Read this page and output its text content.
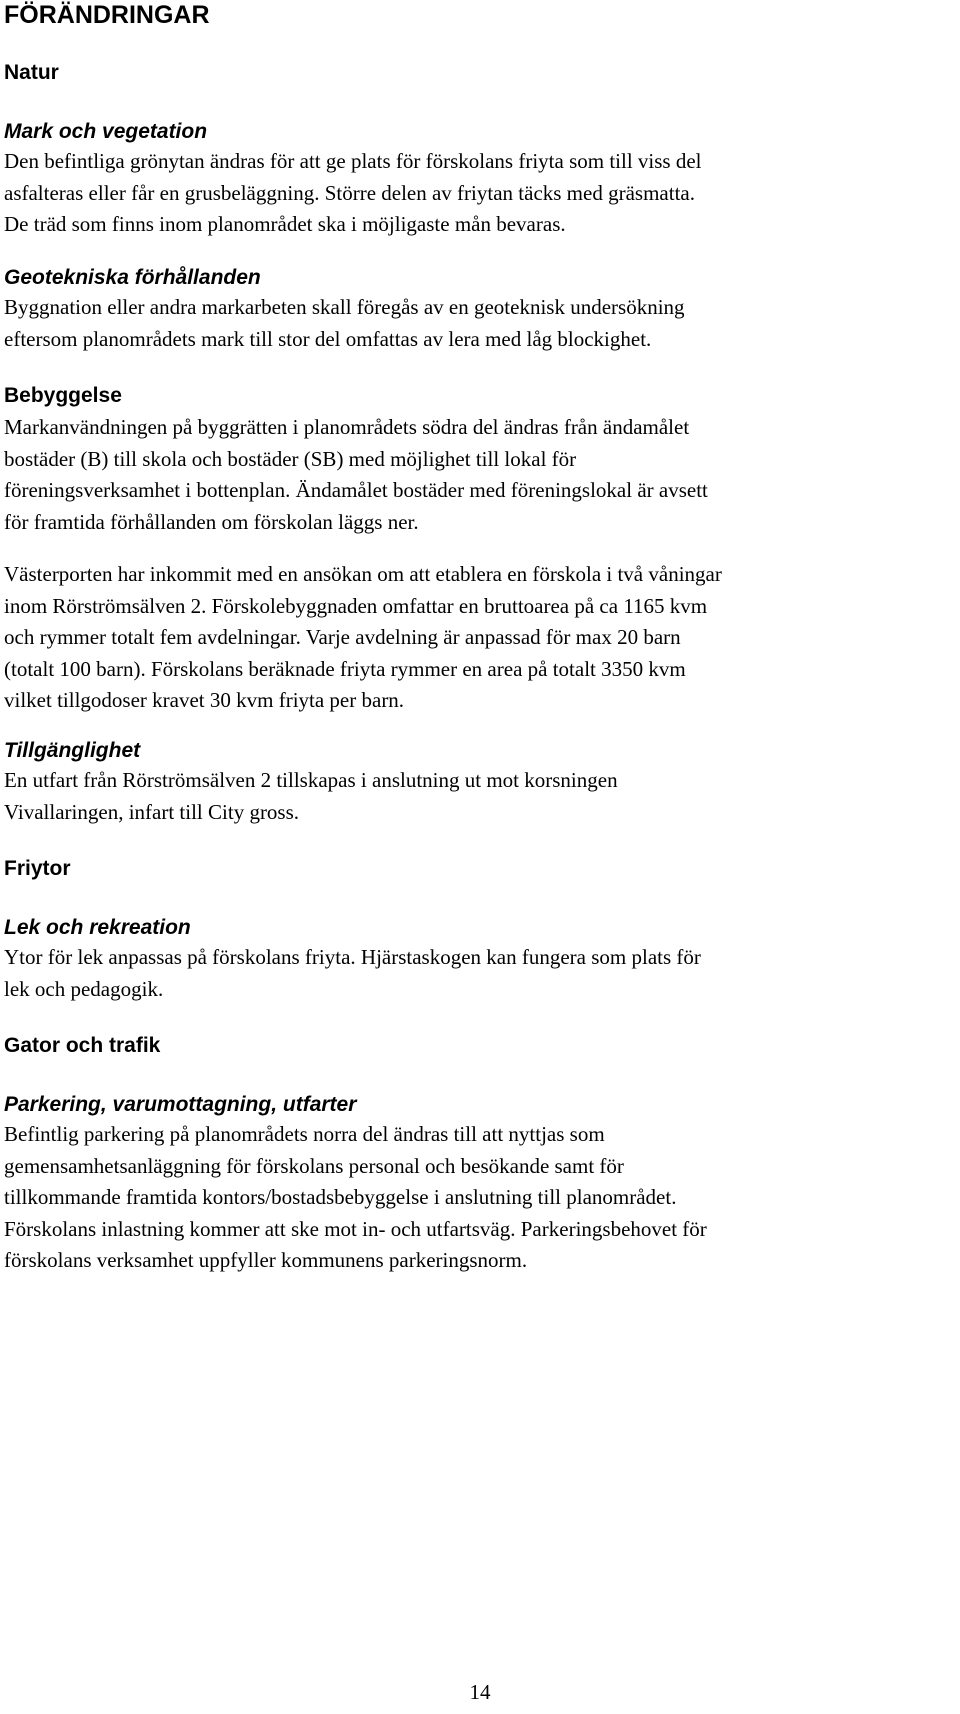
FÖRÄNDRINGAR
Natur
Mark och vegetation

Den befintliga grönytan ändras för att ge plats för förskolans friyta som till viss del
asfalteras eller får en grusbeläggning. Större delen av friytan täcks med gräsmatta.
De träd som finns inom planområdet ska i möjligaste mån bevaras.

Geotekniska förhållanden

Byggnation eller andra markarbeten skall föregås av en geoteknisk undersökning
eftersom planområdets mark till stor del omfattas av lera med låg blockighet.

Bebyggelse

Markanvändningen på byggrätten i planområdets södra del ändras från ändamålet
bostäder (B) till skola och bostäder (SB) med möjlighet till lokal för
föreningsverksamhet i bottenplan. Ändamålet bostäder med föreningslokal är avsett
för framtida förhållanden om förskolan läggs ner.

Västerporten har inkommit med en ansökan om att etablera en förskola i två våningar
inom Rörströmsälven 2. Förskolebyggnaden omfattar en bruttoarea på ca 1165 kvm
och rymmer totalt fem avdelningar. Varje avdelning är anpassad för max 20 barn
(totalt 100 barn). Förskolans beräknade friyta rymmer en area på totalt 3350 kvm
vilket tillgodoser kravet 30 kvm friyta per barn.

Tillgänglighet

En utfart från Rörströmsälven 2 tillskapas i anslutning ut mot korsningen
Vivallaringen, infart till City gross.

Friytor
Lek och rekreation

Ytor för lek anpassas på förskolans friyta. Hjärstaskogen kan fungera som plats för
lek och pedagogik.

Gator och trafik
Parkering, varumottagning, utfarter

Befintlig parkering på planområdets norra del ändras till att nyttjas som
gemensamhetsanläggning för förskolans personal och besökande samt för
tillkommande framtida kontors/bostadsbebyggelse i anslutning till planområdet.
Förskolans inlastning kommer att ske mot in- och utfartsväg. Parkeringsbehovet för
förskolans verksamhet uppfyller kommunens parkeringsnorm.

14
